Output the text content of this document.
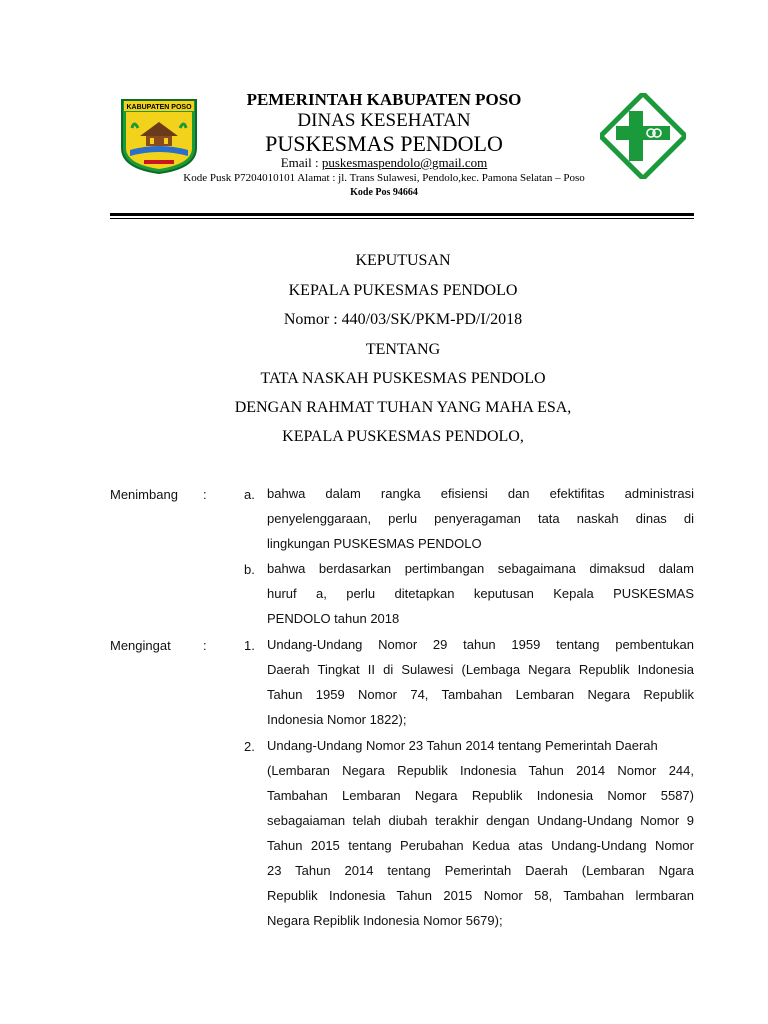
KABUPATEN POSO	PEMERINTAH KABUPATEN POSO
DINAS KESEHATAN
PUSKESMAS PENDOLO
Email : puskesmaspendolo@gmail.com
Kode Pusk P7204010101 Alamat : jl. Trans Sulawesi, Pendolo,kec. Pamona Selatan – Poso
Kode Pos 94664
KEPUTUSAN
KEPALA PUKESMAS PENDOLO
Nomor : 440/03/SK/PKM-PD/I/2018
TENTANG
TATA NASKAH PUSKESMAS PENDOLO
DENGAN RAHMAT TUHAN YANG MAHA ESA,
KEPALA PUSKESMAS PENDOLO,
Menimbang :	a. bahwa dalam rangka efisiensi dan efektifitas administrasi
penyelenggaraan, perlu penyeragaman tata naskah dinas di
lingkungan PUSKESMAS PENDOLO
b. bahwa berdasarkan pertimbangan sebagaimana dimaksud dalam
huruf a, perlu ditetapkan keputusan Kepala PUSKESMAS
PENDOLO tahun 2018
Mengingat :	1. Undang-Undang Nomor 29 tahun 1959 tentang pembentukan
Daerah Tingkat II di Sulawesi (Lembaga Negara Republik Indonesia
Tahun 1959 Nomor 74, Tambahan Lembaran Negara Republik
Indonesia Nomor 1822);
2. Undang-Undang Nomor 23 Tahun 2014 tentang Pemerintah Daerah
(Lembaran Negara Republik Indonesia Tahun 2014 Nomor 244,
Tambahan Lembaran Negara Republik Indonesia Nomor 5587)
sebagaiaman telah diubah terakhir dengan Undang-Undang Nomor 9
Tahun 2015 tentang Perubahan Kedua atas Undang-Undang Nomor
23 Tahun 2014 tentang Pemerintah Daerah (Lembaran Ngara
Republik Indonesia Tahun 2015 Nomor 58, Tambahan lermbaran
Negara Repiblik Indonesia Nomor 5679);
